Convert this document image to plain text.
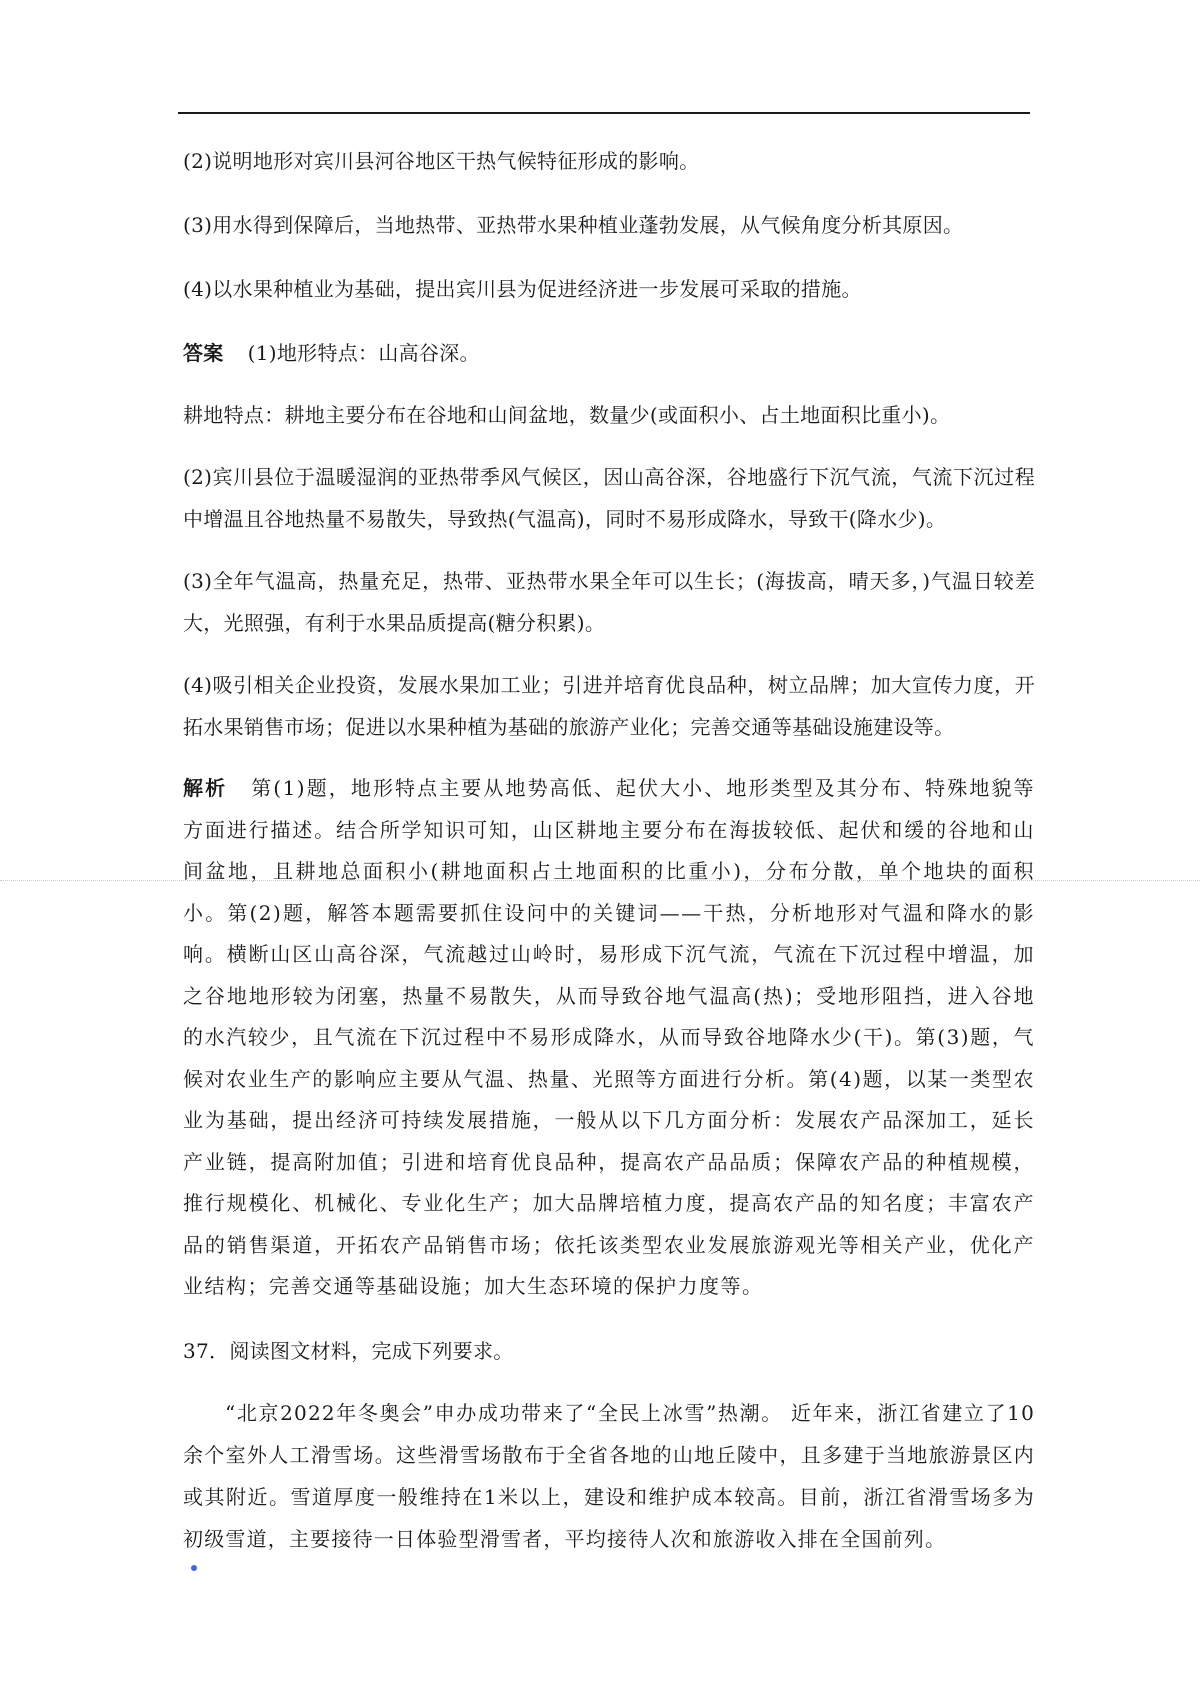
(2)说明地形对宾川县河谷地区干热气候特征形成的影响。

(3)用水得到保障后，当地热带、亚热带水果种植业蓬勃发展，从气候角度分析其原因。

(4)以水果种植业为基础，提出宾川县为促进经济进一步发展可采取的措施。

答案 (1)地形特点：山高谷深。

耕地特点：耕地主要分布在谷地和山间盆地，数量少(或面积小、占土地面积比重小)。

(2)宾川县位于温暖湿润的亚热带季风气候区，因山高谷深，谷地盛行下沉气流，气流下沉过程中增温且谷地热量不易散失，导致热(气温高)，同时不易形成降水，导致干(降水少)。

(3)全年气温高，热量充足，热带、亚热带水果全年可以生长；(海拔高，晴天多，)气温日较差大，光照强，有利于水果品质提高(糖分积累)。

(4)吸引相关企业投资，发展水果加工业；引进并培育优良品种，树立品牌；加大宣传力度，开拓水果销售市场；促进以水果种植为基础的旅游产业化；完善交通等基础设施建设等。

解析 第(1)题，地形特点主要从地势高低、起伏大小、地形类型及其分布、特殊地貌等方面进行描述。结合所学知识可知，山区耕地主要分布在海拔较低、起伏和缓的谷地和山间盆地，且耕地总面积小(耕地面积占土地面积的比重小)，分布分散，单个地块的面积小。第(2)题，解答本题需要抓住设问中的关键词——干热，分析地形对气温和降水的影响。横断山区山高谷深，气流越过山岭时，易形成下沉气流，气流在下沉过程中增温，加之谷地地形较为闭塞，热量不易散失，从而导致谷地气温高(热)；受地形阻挡，进入谷地的水汽较少，且气流在下沉过程中不易形成降水，从而导致谷地降水少(干)。第(3)题，气候对农业生产的影响应主要从气温、热量、光照等方面进行分析。第(4)题，以某一类型农业为基础，提出经济可持续发展措施，一般从以下几方面分析：发展农产品深加工，延长产业链，提高附加值；引进和培育优良品种，提高农产品品质；保障农产品的种植规模，推行规模化、机械化、专业化生产；加大品牌培植力度，提高农产品的知名度；丰富农产品的销售渠道，开拓农产品销售市场；依托该类型农业发展旅游观光等相关产业，优化产业结构；完善交通等基础设施；加大生态环境的保护力度等。

37．阅读图文材料，完成下列要求。

“北京2022年冬奥会”申办成功带来了“全民上冰雪”热潮。 近年来，浙江省建立了10余个室外人工滑雪场。这些滑雪场散布于全省各地的山地丘陵中，且多建于当地旅游景区内或其附近。雪道厚度一般维持在1米以上，建设和维护成本较高。目前，浙江省滑雪场多为初级雪道，主要接待一日体验型滑雪者，平均接待人次和旅游收入排在全国前列。
